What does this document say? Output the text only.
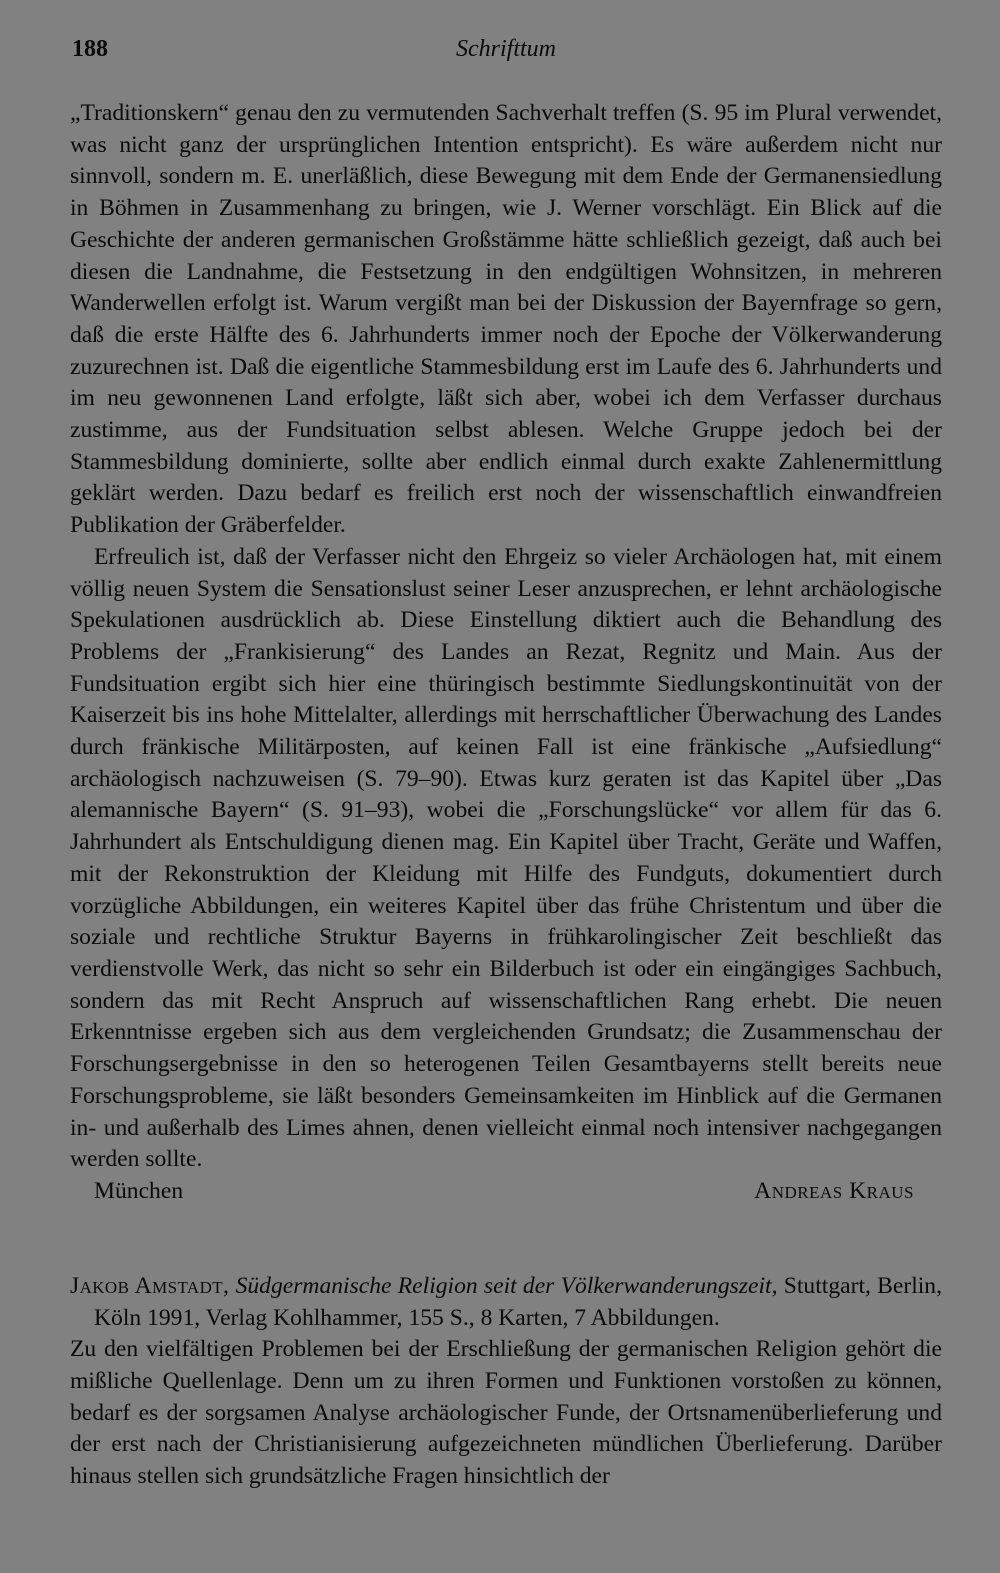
188	Schrifttum

„Traditionskern“ genau den zu vermutenden Sachverhalt treffen (S. 95 im Plural verwendet, was nicht ganz der ursprünglichen Intention entspricht). Es wäre außerdem nicht nur sinnvoll, sondern m. E. unerläßlich, diese Bewegung mit dem Ende der Germanensiedlung in Böhmen in Zusammenhang zu bringen, wie J. Werner vorschlägt. Ein Blick auf die Geschichte der anderen germanischen Großstämme hätte schließlich gezeigt, daß auch bei diesen die Landnahme, die Festsetzung in den endgültigen Wohnsitzen, in mehreren Wanderwellen erfolgt ist. Warum vergißt man bei der Diskussion der Bayernfrage so gern, daß die erste Hälfte des 6. Jahrhunderts immer noch der Epoche der Völkerwanderung zuzurechnen ist. Daß die eigentliche Stammesbildung erst im Laufe des 6. Jahrhunderts und im neu gewonnenen Land erfolgte, läßt sich aber, wobei ich dem Verfasser durchaus zustimme, aus der Fundsituation selbst ablesen. Welche Gruppe jedoch bei der Stammesbildung dominierte, sollte aber endlich einmal durch exakte Zahlenermittlung geklärt werden. Dazu bedarf es freilich erst noch der wissenschaftlich einwandfreien Publikation der Gräberfelder.

Erfreulich ist, daß der Verfasser nicht den Ehrgeiz so vieler Archäologen hat, mit einem völlig neuen System die Sensationslust seiner Leser anzusprechen, er lehnt archäologische Spekulationen ausdrücklich ab. Diese Einstellung diktiert auch die Behandlung des Problems der „Frankisierung“ des Landes an Rezat, Regnitz und Main. Aus der Fundsituation ergibt sich hier eine thüringisch bestimmte Siedlungskontinuität von der Kaiserzeit bis ins hohe Mittelalter, allerdings mit herrschaftlicher Überwachung des Landes durch fränkische Militärposten, auf keinen Fall ist eine fränkische „Aufsiedlung“ archäologisch nachzuweisen (S. 79–90). Etwas kurz geraten ist das Kapitel über „Das alemannische Bayern“ (S. 91–93), wobei die „Forschungslücke“ vor allem für das 6. Jahrhundert als Entschuldigung dienen mag. Ein Kapitel über Tracht, Geräte und Waffen, mit der Rekonstruktion der Kleidung mit Hilfe des Fundguts, dokumentiert durch vorzügliche Abbildungen, ein weiteres Kapitel über das frühe Christentum und über die soziale und rechtliche Struktur Bayerns in frühkarolingischer Zeit beschließt das verdienstvolle Werk, das nicht so sehr ein Bilderbuch ist oder ein eingängiges Sachbuch, sondern das mit Recht Anspruch auf wissenschaftlichen Rang erhebt. Die neuen Erkenntnisse ergeben sich aus dem vergleichenden Grundsatz; die Zusammenschau der Forschungsergebnisse in den so heterogenen Teilen Gesamtbayerns stellt bereits neue Forschungsprobleme, sie läßt besonders Gemeinsamkeiten im Hinblick auf die Germanen in- und außerhalb des Limes ahnen, denen vielleicht einmal noch intensiver nachgegangen werden sollte.

München	Andreas Kraus

Jakob Amstadt, Südgermanische Religion seit der Völkerwanderungszeit, Stuttgart, Berlin, Köln 1991, Verlag Kohlhammer, 155 S., 8 Karten, 7 Abbildungen.

Zu den vielfältigen Problemen bei der Erschließung der germanischen Religion gehört die mißliche Quellenlage. Denn um zu ihren Formen und Funktionen vorstoßen zu können, bedarf es der sorgsamen Analyse archäologischer Funde, der Ortsnamenüberlieferung und der erst nach der Christianisierung aufgezeichneten mündlichen Überlieferung. Darüber hinaus stellen sich grundsätzliche Fragen hinsichtlich der
